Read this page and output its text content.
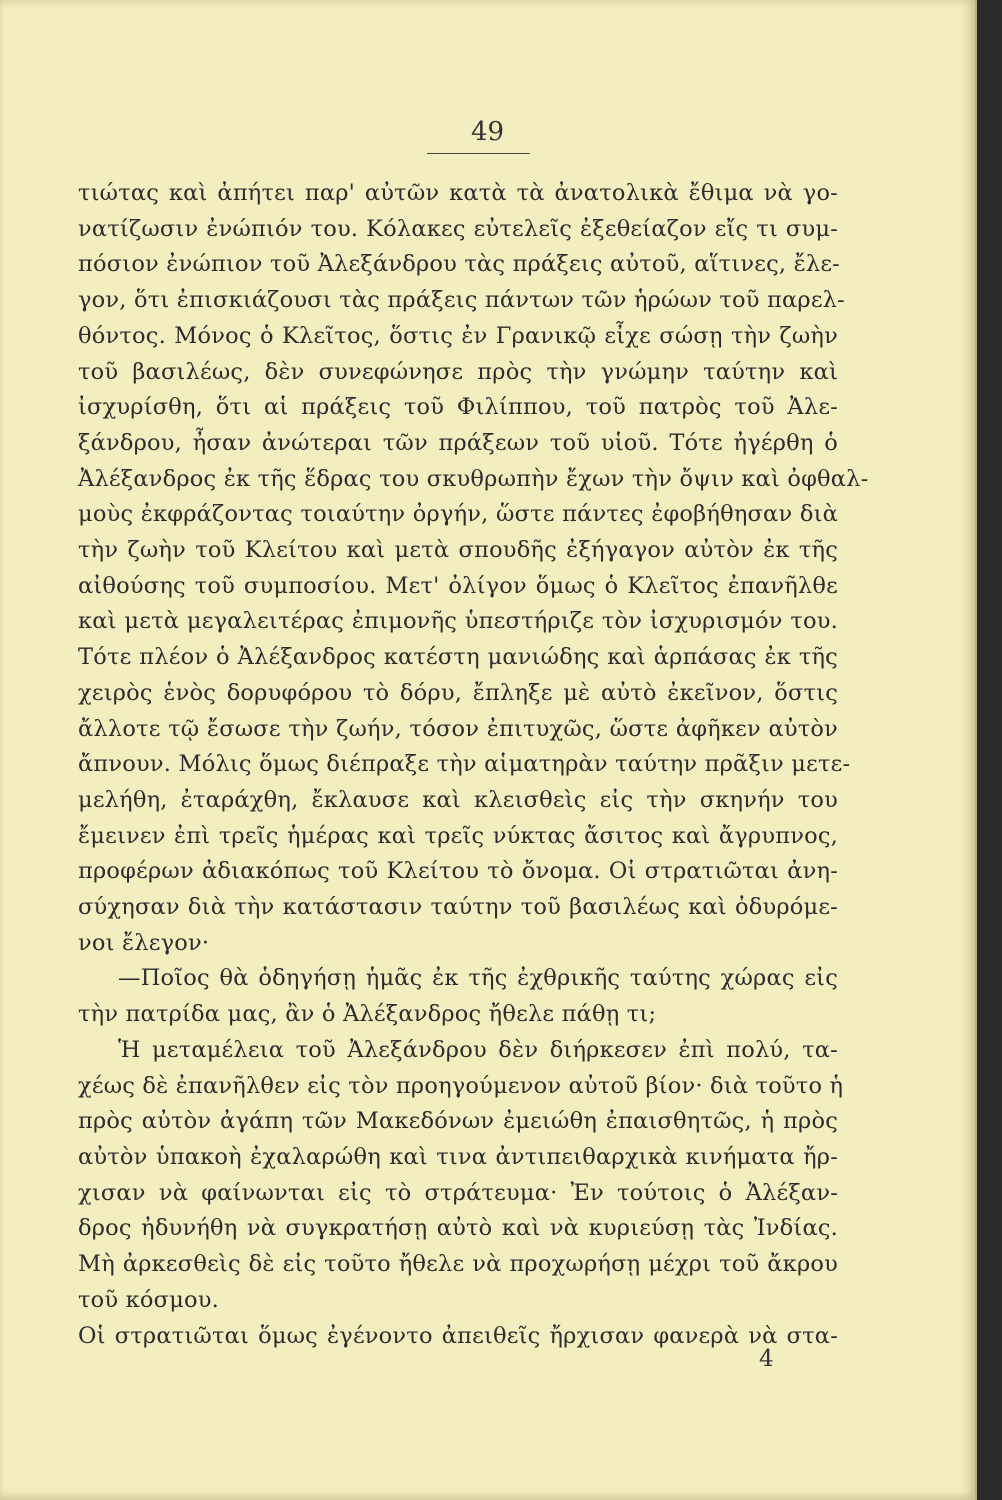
49
τιώτας καὶ ἀπήτει παρ' αὐτῶν κατὰ τὰ ἀνατολικὰ ἔθιμα νὰ γο-
νατίζωσιν ἐνώπιόν του. Κόλακες εὐτελεῖς ἐξεθείαζον εἴς τι συμ-
πόσιον ἐνώπιον τοῦ Ἀλεξάνδρου τὰς πράξεις αὐτοῦ, αἵτινες, ἔλε-
γον, ὅτι ἐπισκιάζουσι τὰς πράξεις πάντων τῶν ἡρώων τοῦ παρελ-
θόντος. Μόνος ὁ Κλεῖτος, ὅστις ἐν Γρανικῷ εἶχε σώσῃ τὴν ζωὴν
τοῦ βασιλέως, δὲν συνεφώνησε πρὸς τὴν γνώμην ταύτην καὶ
ἰσχυρίσθη, ὅτι αἱ πράξεις τοῦ Φιλίππου, τοῦ πατρὸς τοῦ Ἀλε-
ξάνδρου, ἦσαν ἀνώτεραι τῶν πράξεων τοῦ υἱοῦ. Τότε ἠγέρθη ὁ
Ἀλέξανδρος ἐκ τῆς ἕδρας του σκυθρωπὴν ἔχων τὴν ὄψιν καὶ ὀφθαλ-
μοὺς ἐκφράζοντας τοιαύτην ὀργήν, ὥστε πάντες ἐφοβήθησαν διὰ
τὴν ζωὴν τοῦ Κλείτου καὶ μετὰ σπουδῆς ἐξήγαγον αὐτὸν ἐκ τῆς
αἰθούσης τοῦ συμποσίου. Μετ' ὀλίγον ὅμως ὁ Κλεῖτος ἐπανῆλθε
καὶ μετὰ μεγαλειτέρας ἐπιμονῆς ὑπεστήριζε τὸν ἰσχυρισμόν του.
Τότε πλέον ὁ Ἀλέξανδρος κατέστη μανιώδης καὶ ἁρπάσας ἐκ τῆς
χειρὸς ἑνὸς δορυφόρου τὸ δόρυ, ἔπληξε μὲ αὐτὸ ἐκεῖνον, ὅστις
ἄλλοτε τῷ ἔσωσε τὴν ζωήν, τόσον ἐπιτυχῶς, ὥστε ἀφῆκεν αὐτὸν
ἄπνουν. Μόλις ὅμως διέπραξε τὴν αἱματηρὰν ταύτην πρᾶξιν μετε-
μελήθη, ἐταράχθη, ἔκλαυσε καὶ κλεισθεὶς εἰς τὴν σκηνήν του
ἔμεινεν ἐπὶ τρεῖς ἡμέρας καὶ τρεῖς νύκτας ἄσιτος καὶ ἄγρυπνος,
προφέρων ἀδιακόπως τοῦ Κλείτου τὸ ὄνομα. Οἱ στρατιῶται ἀνη-
σύχησαν διὰ τὴν κατάστασιν ταύτην τοῦ βασιλέως καὶ ὀδυρόμε-
νοι ἔλεγον·
—Ποῖος θὰ ὁδηγήσῃ ἡμᾶς ἐκ τῆς ἐχθρικῆς ταύτης χώρας εἰς
τὴν πατρίδα μας, ἂν ὁ Ἀλέξανδρος ἤθελε πάθῃ τι;
Ἡ μεταμέλεια τοῦ Ἀλεξάνδρου δὲν διήρκεσεν ἐπὶ πολύ, τα-
χέως δὲ ἐπανῆλθεν εἰς τὸν προηγούμενον αὐτοῦ βίον· διὰ τοῦτο ἡ
πρὸς αὐτὸν ἀγάπη τῶν Μακεδόνων ἐμειώθη ἐπαισθητῶς, ἡ πρὸς
αὐτὸν ὑπακοὴ ἐχαλαρώθη καὶ τινα ἀντιπειθαρχικὰ κινήματα ἤρ-
χισαν νὰ φαίνωνται εἰς τὸ στράτευμα· Ἐν τούτοις ὁ Ἀλέξαν-
δρος ἠδυνήθη νὰ συγκρατήσῃ αὐτὸ καὶ νὰ κυριεύσῃ τὰς Ἰνδίας.
Μὴ ἀρκεσθεὶς δὲ εἰς τοῦτο ἤθελε νὰ προχωρήσῃ μέχρι τοῦ ἄκρου
τοῦ κόσμου.
Οἱ στρατιῶται ὅμως ἐγένοντο ἀπειθεῖς ἤρχισαν φανερὰ νὰ στα-
4
